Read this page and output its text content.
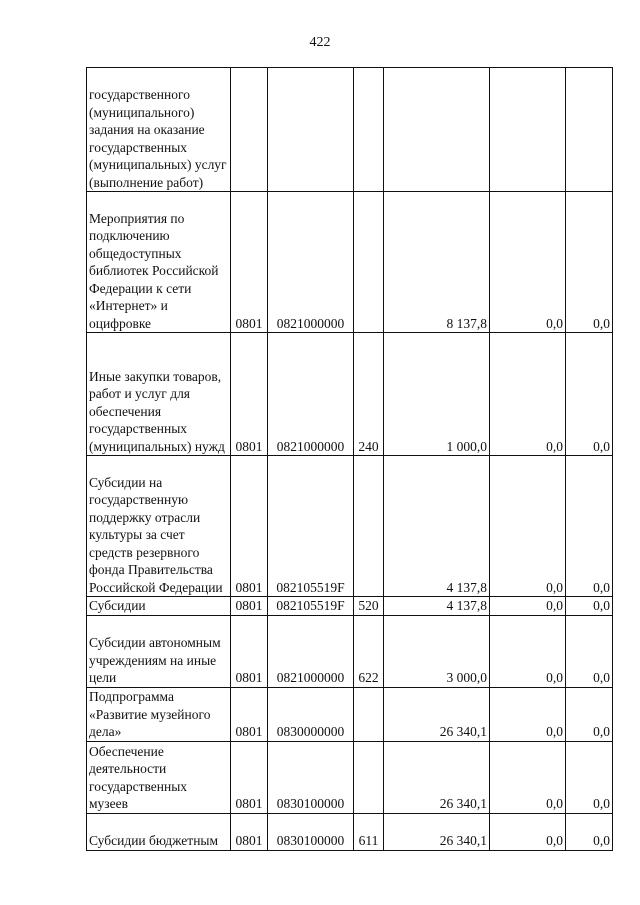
422
государственного (муниципального) задания на оказание государственных (муниципальных) услуг (выполнение работ)						
Мероприятия по подключению общедоступных библиотек Российской Федерации к сети «Интернет» и оцифровке	0801	0821000000		8 137,8	0,0	0,0
Иные закупки товаров, работ и услуг для обеспечения государственных (муниципальных) нужд	0801	0821000000	240	1 000,0	0,0	0,0
Субсидии на государственную поддержку отрасли культуры за счет средств резервного фонда Правительства Российской Федерации	0801	082105519F		4 137,8	0,0	0,0
Субсидии	0801	082105519F	520	4 137,8	0,0	0,0
Субсидии автономным учреждениям на иные цели	0801	0821000000	622	3 000,0	0,0	0,0
Подпрограмма «Развитие музейного дела»	0801	0830000000		26 340,1	0,0	0,0
Обеспечение деятельности государственных музеев	0801	0830100000		26 340,1	0,0	0,0
Субсидии бюджетным	0801	0830100000	611	26 340,1	0,0	0,0
